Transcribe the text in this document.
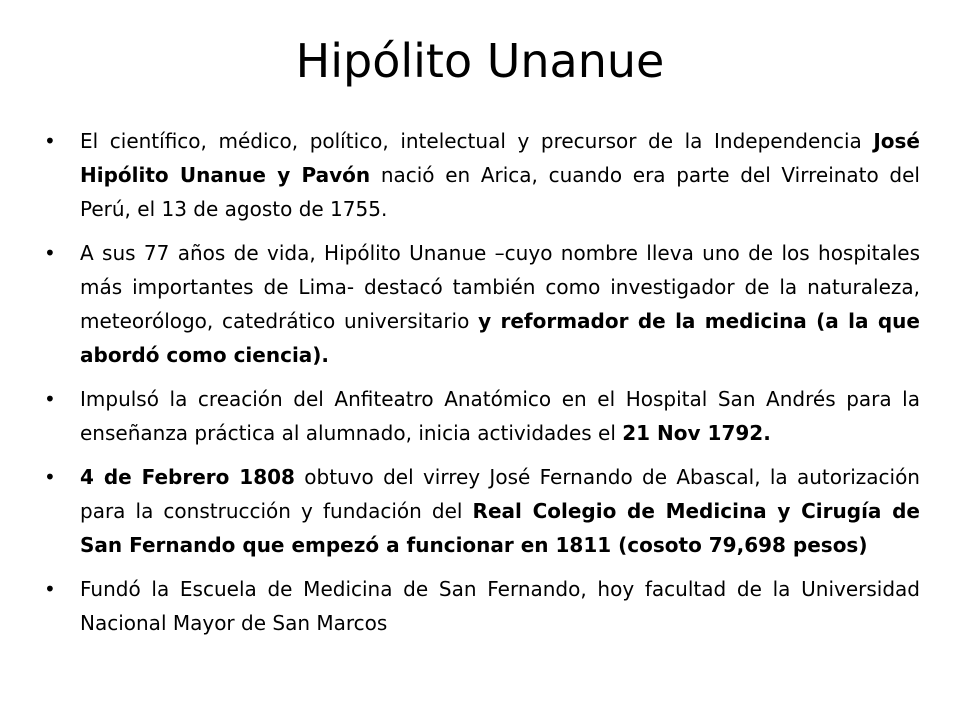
Hipólito Unanue
•	El científico, médico, político, intelectual y precursor de la Independencia José Hipólito Unanue y Pavón nació en Arica, cuando era parte del Virreinato del Perú, el 13 de agosto de 1755.
•	A sus 77 años de vida, Hipólito Unanue –cuyo nombre lleva uno de los hospitales más importantes de Lima- destacó también como investigador de la naturaleza, meteorólogo, catedrático universitario y reformador de la medicina (a la que abordó como ciencia).
•	Impulsó la creación del Anfiteatro Anatómico en el Hospital San Andrés para la enseñanza práctica al alumnado, inicia actividades el 21 Nov 1792.
•	4 de Febrero 1808 obtuvo del virrey José Fernando de Abascal, la autorización para la construcción y fundación del Real Colegio de Medicina y Cirugía de San Fernando que empezó a funcionar en 1811 (cosoto 79,698 pesos)
•	Fundó la Escuela de Medicina de San Fernando, hoy facultad de la Universidad Nacional Mayor de San Marcos
